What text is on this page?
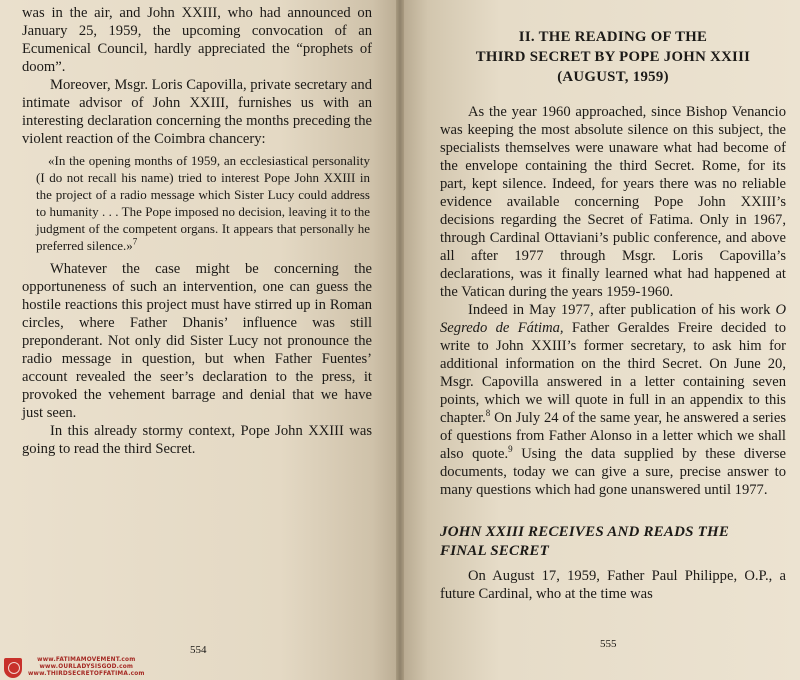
was in the air, and John XXIII, who had announced on January 25, 1959, the upcoming convocation of an Ecumenical Council, hardly appreciated the “prophets of doom”.

Moreover, Msgr. Loris Capovilla, private secretary and intimate advisor of John XXIII, furnishes us with an interesting declaration concerning the months preceding the violent reaction of the Coimbra chancery:

«In the opening months of 1959, an ecclesiastical personality (I do not recall his name) tried to interest Pope John XXIII in the project of a radio message which Sister Lucy could address to humanity . . . The Pope imposed no decision, leaving it to the judgment of the competent organs. It appears that personally he preferred silence.»$^7$

Whatever the case might be concerning the opportuneness of such an intervention, one can guess the hostile reactions this project must have stirred up in Roman circles, where Father Dhanis’ influence was still preponderant. Not only did Sister Lucy not pronounce the radio message in question, but when Father Fuentes’ account revealed the seer’s declaration to the press, it provoked the vehement barrage and denial that we have just seen.

In this already stormy context, Pope John XXIII was going to read the third Secret.

II. THE READING OF THE
THIRD SECRET BY POPE JOHN XXIII
(AUGUST, 1959)

As the year 1960 approached, since Bishop Venancio was keeping the most absolute silence on this subject, the specialists themselves were unaware what had become of the envelope containing the third Secret. Rome, for its part, kept silence. Indeed, for years there was no reliable evidence available concerning Pope John XXIII’s decisions regarding the Secret of Fatima. Only in 1967, through Cardinal Ottaviani’s public conference, and above all after 1977 through Msgr. Loris Capovilla’s declarations, was it finally learned what had happened at the Vatican during the years 1959-1960.

Indeed in May 1977, after publication of his work O Segredo de Fátima, Father Geraldes Freire decided to write to John XXIII’s former secretary, to ask him for additional information on the third Secret. On June 20, Msgr. Capovilla answered in a letter containing seven points, which we will quote in full in an appendix to this chapter.$^8$ On July 24 of the same year, he answered a series of questions from Father Alonso in a letter which we shall also quote.$^9$ Using the data supplied by these diverse documents, today we can give a sure, precise answer to many questions which had gone unanswered until 1977.

JOHN XXIII RECEIVES AND READS THE
FINAL SECRET

On August 17, 1959, Father Paul Philippe, O.P., a future Cardinal, who at the time was

554	555
www.FATIMAMOVEMENT.com
www.OURLADYSISGOD.com
www.THIRDSECRETOFFATIMA.com
